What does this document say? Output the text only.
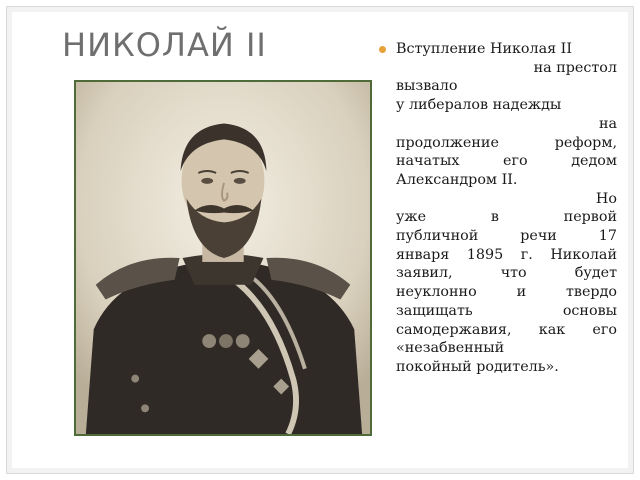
НИКОЛАЙ II	Вступление Николая II
на престол
вызвало
у либералов надежды
на
продолжение реформ,
начатых его дедом
Александром II.
Но
уже в первой
публичной речи 17
января 1895 г. Николай
заявил, что будет
неуклонно и твердо
защищать основы
самодержавия, как его
«незабвенный
покойный родитель».
